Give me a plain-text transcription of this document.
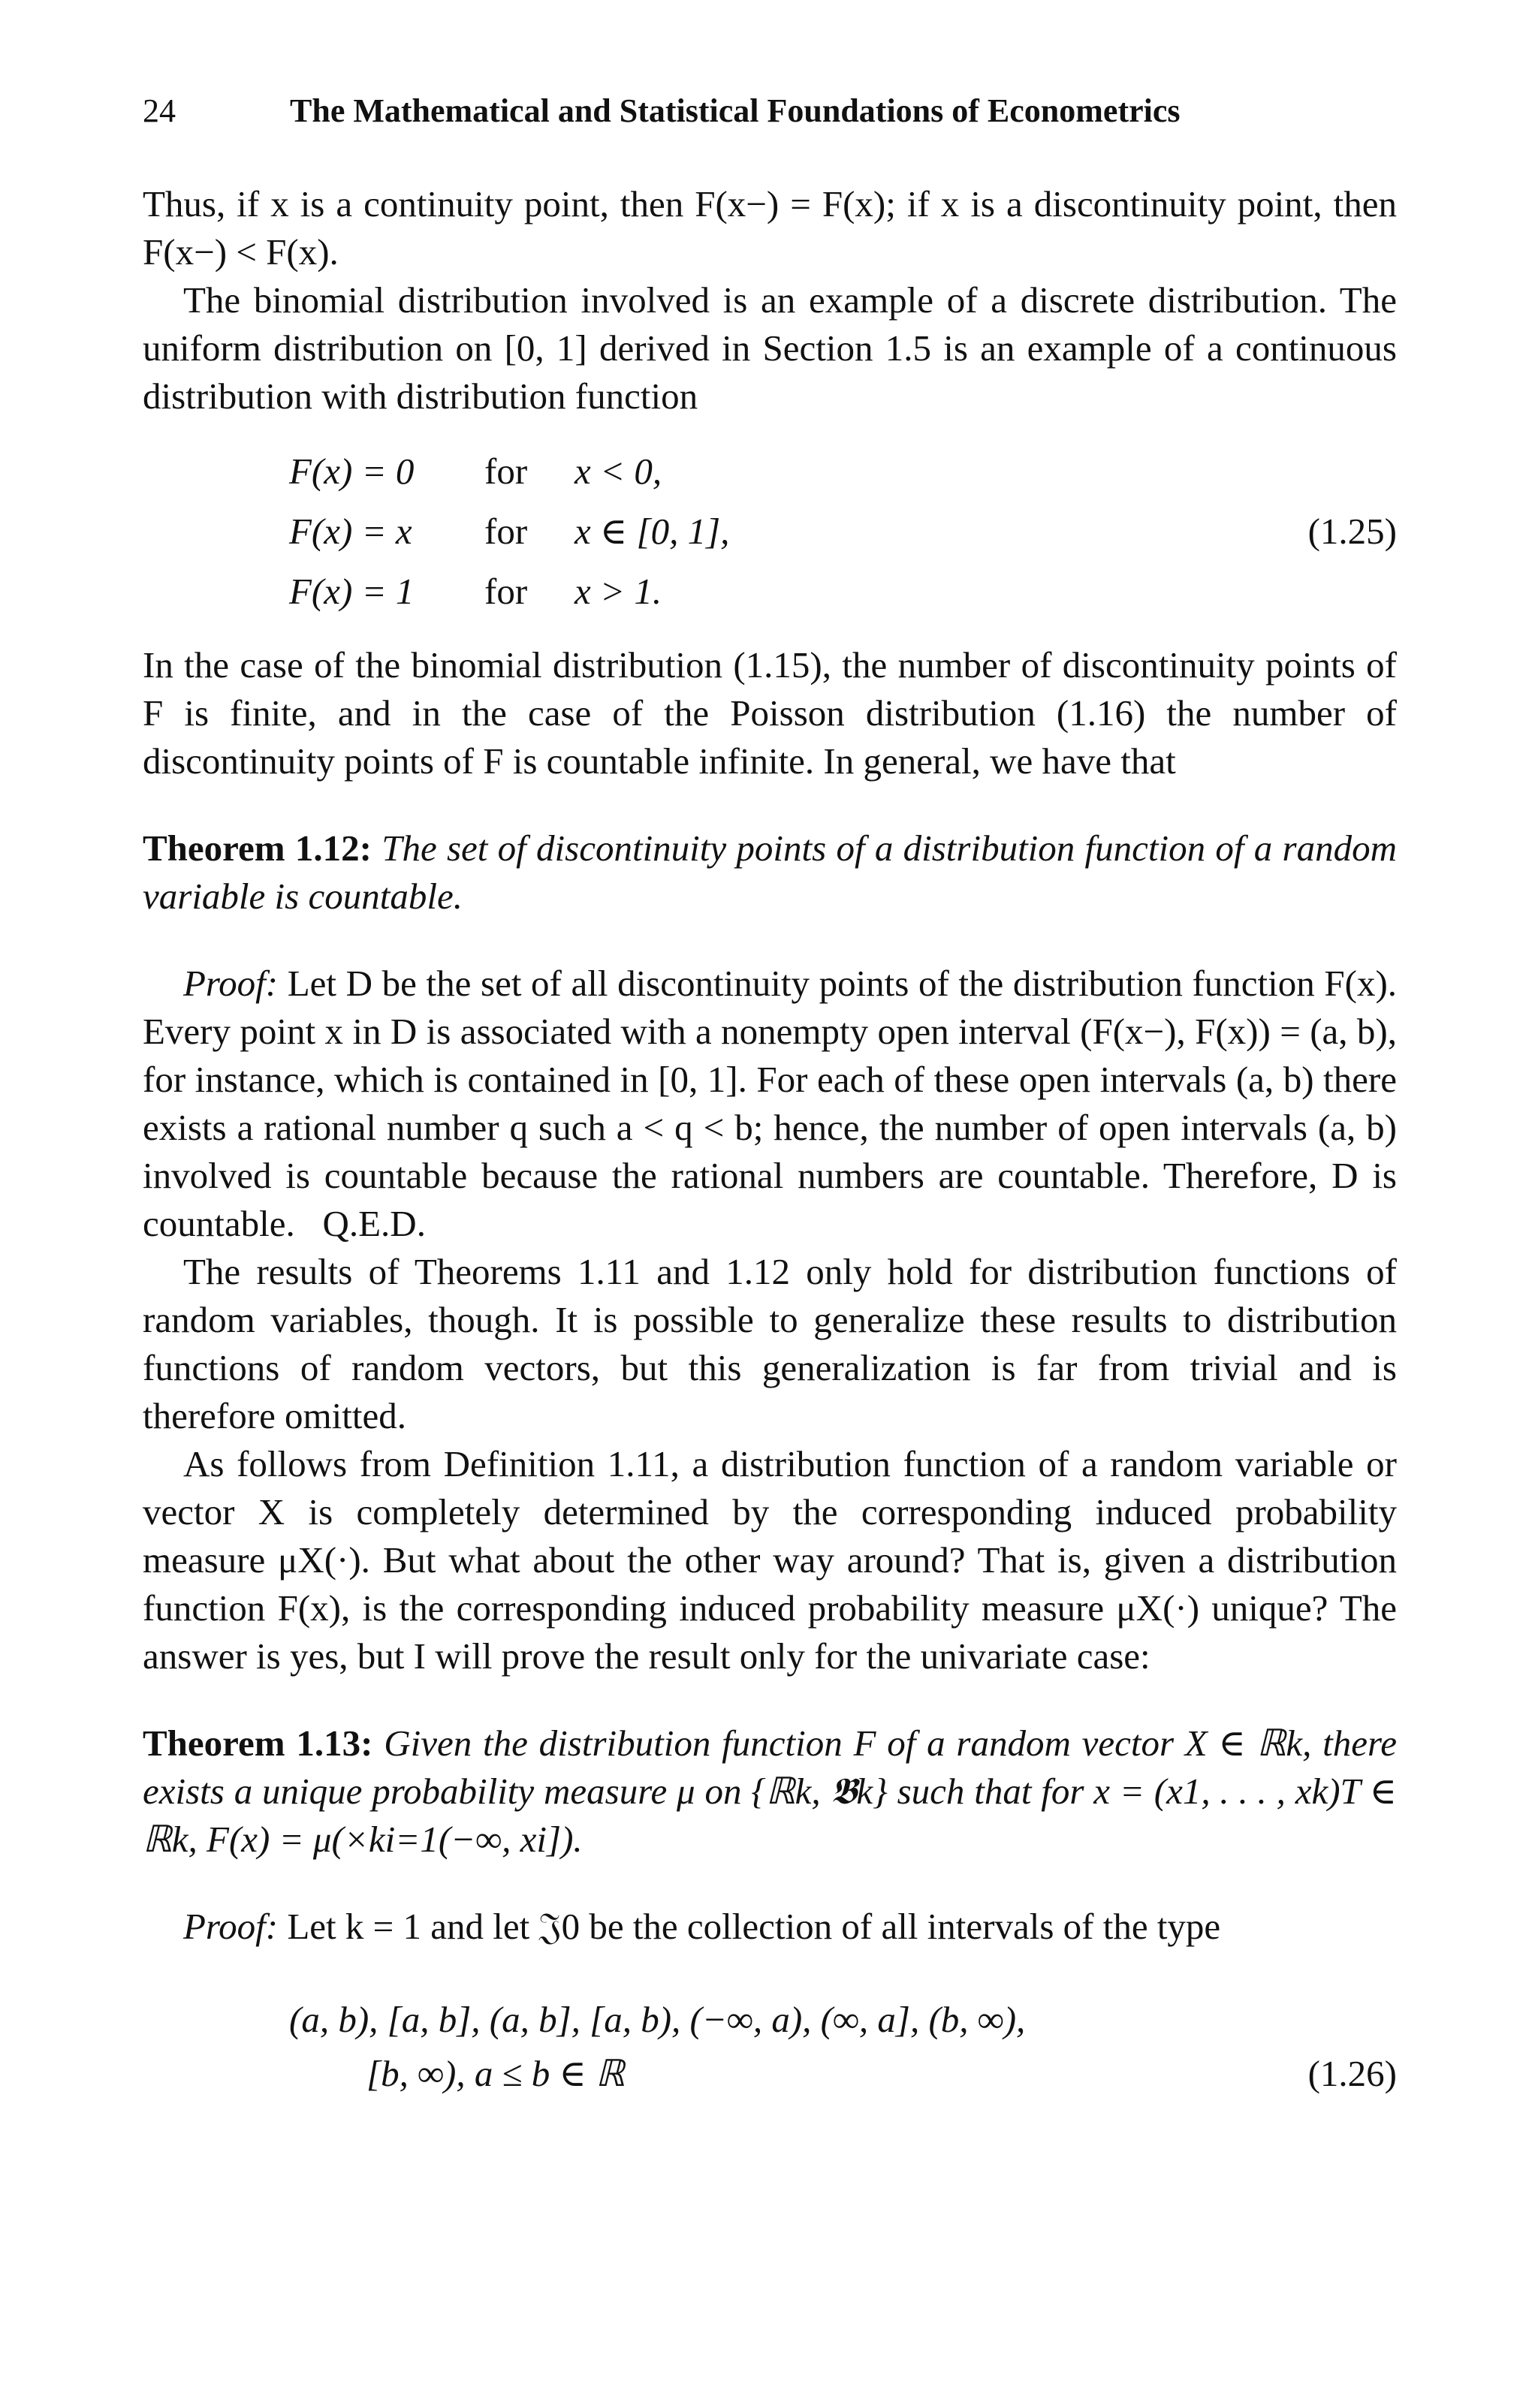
24	The Mathematical and Statistical Foundations of Econometrics

Thus, if x is a continuity point, then F(x−) = F(x); if x is a discontinuity point, then F(x−) < F(x).

The binomial distribution involved is an example of a discrete distribution. The uniform distribution on [0, 1] derived in Section 1.5 is an example of a continuous distribution with distribution function

F(x) = 0 for x < 0,
F(x) = x for x ∈ [0, 1],
F(x) = 1 for x > 1.
(1.25)

In the case of the binomial distribution (1.15), the number of discontinuity points of F is finite, and in the case of the Poisson distribution (1.16) the number of discontinuity points of F is countable infinite. In general, we have that

Theorem 1.12: The set of discontinuity points of a distribution function of a random variable is countable.

Proof: Let D be the set of all discontinuity points of the distribution function F(x). Every point x in D is associated with a nonempty open interval (F(x−), F(x)) = (a, b), for instance, which is contained in [0, 1]. For each of these open intervals (a, b) there exists a rational number q such a < q < b; hence, the number of open intervals (a, b) involved is countable because the rational numbers are countable. Therefore, D is countable. Q.E.D.

The results of Theorems 1.11 and 1.12 only hold for distribution functions of random variables, though. It is possible to generalize these results to distribution functions of random vectors, but this generalization is far from trivial and is therefore omitted.

As follows from Definition 1.11, a distribution function of a random variable or vector X is completely determined by the corresponding induced probability measure μX(·). But what about the other way around? That is, given a distribution function F(x), is the corresponding induced probability measure μX(·) unique? The answer is yes, but I will prove the result only for the univariate case:

Theorem 1.13: Given the distribution function F of a random vector X ∈ ℝk, there exists a unique probability measure μ on {ℝk, 𝕭k} such that for x = (x1, . . . , xk)T ∈ ℝk, F(x) = μ(×ki=1(−∞, xi]).

Proof: Let k = 1 and let 𝔍0 be the collection of all intervals of the type

(a, b), [a, b], (a, b], [a, b), (−∞, a), (∞, a], (b, ∞),
[b, ∞), a ≤ b ∈ ℝ	(1.26)
